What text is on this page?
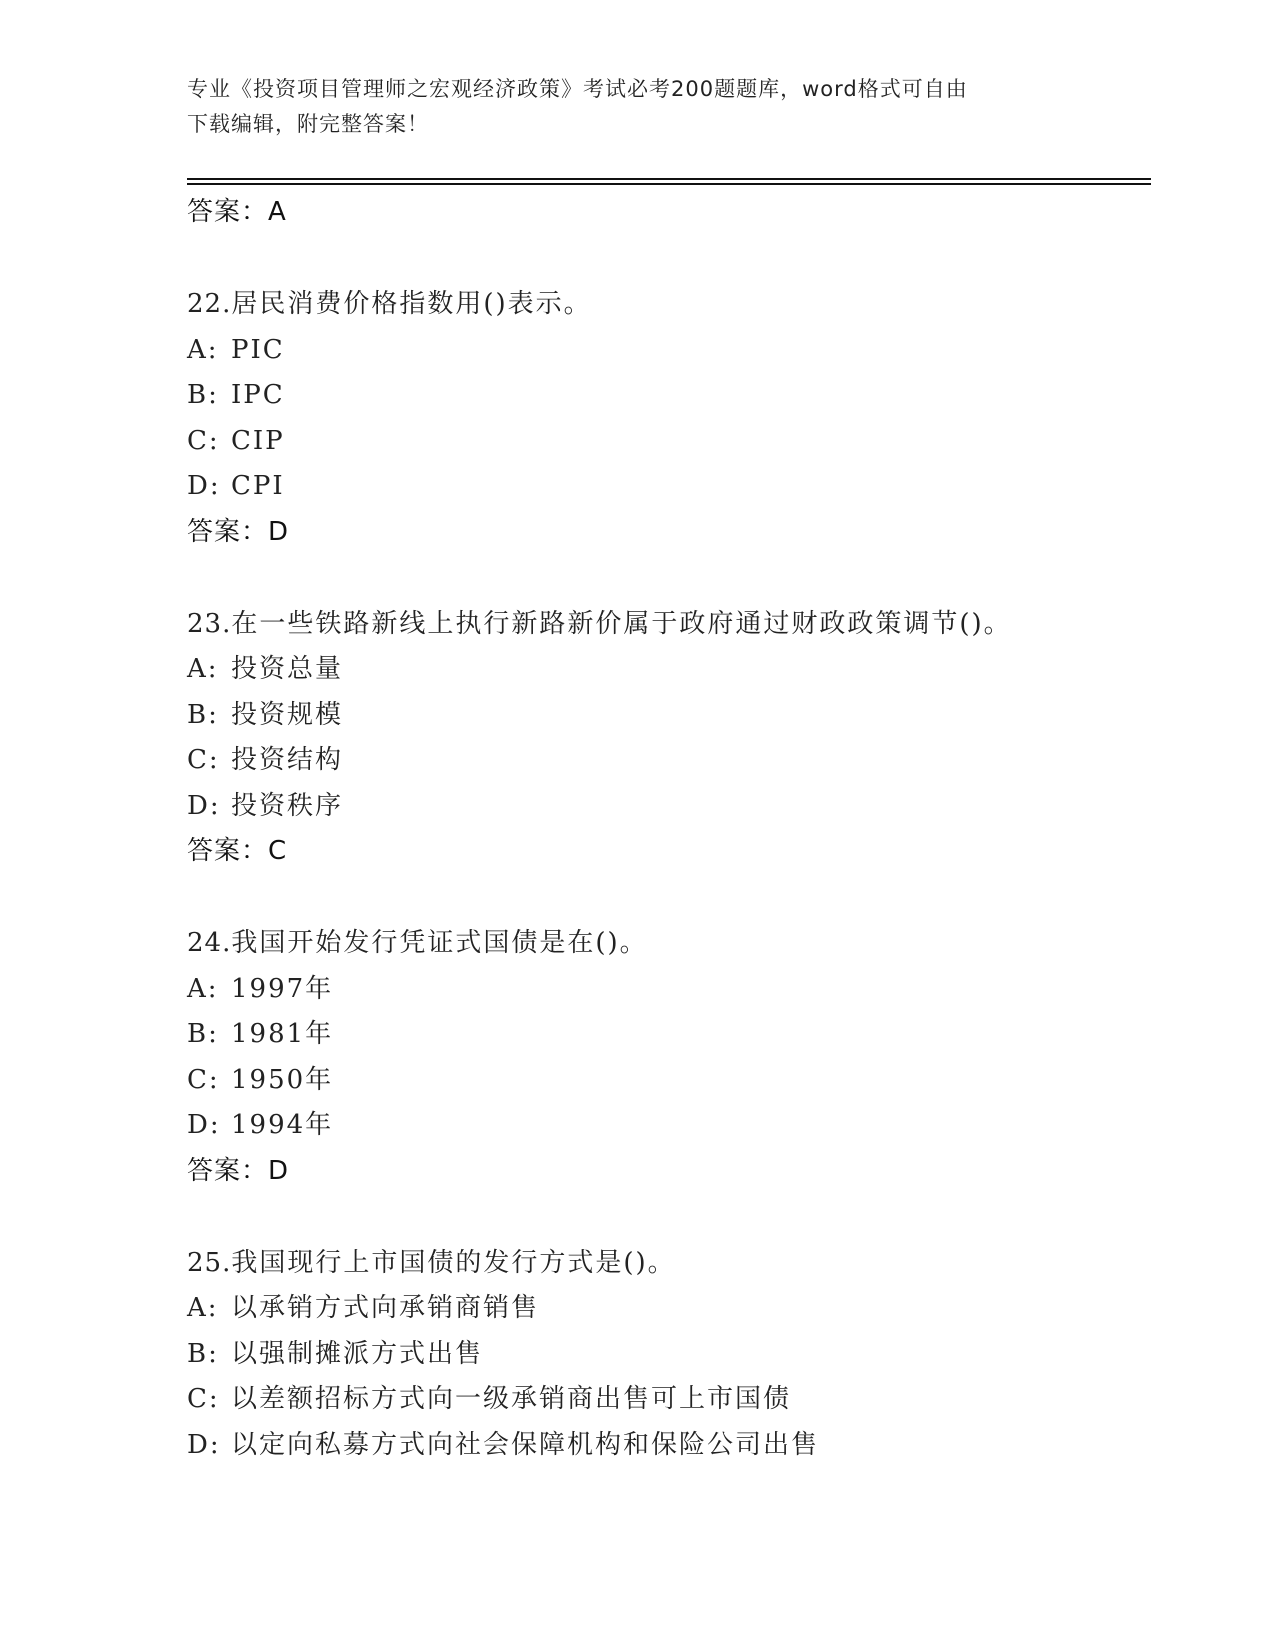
专业《投资项目管理师之宏观经济政策》考试必考200题题库，word格式可自由
下载编辑，附完整答案！
答案：A
22.居民消费价格指数用()表示。
A: PIC
B: IPC
C: CIP
D: CPI
答案：D
23.在一些铁路新线上执行新路新价属于政府通过财政政策调节()。
A: 投资总量
B: 投资规模
C: 投资结构
D: 投资秩序
答案：C
24.我国开始发行凭证式国债是在()。
A: 1997年
B: 1981年
C: 1950年
D: 1994年
答案：D
25.我国现行上市国债的发行方式是()。
A: 以承销方式向承销商销售
B: 以强制摊派方式出售
C: 以差额招标方式向一级承销商出售可上市国债
D: 以定向私募方式向社会保障机构和保险公司出售
